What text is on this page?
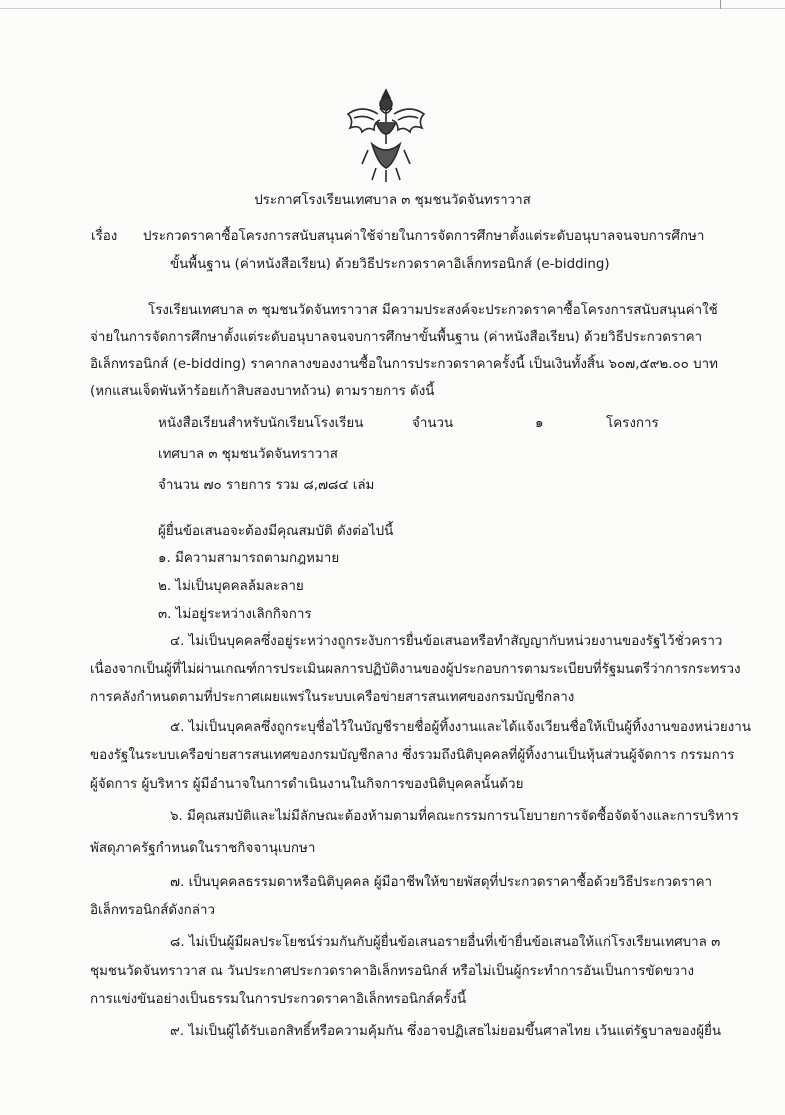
ประกาศโรงเรียนเทศบาล ๓ ชุมชนวัดจันทราวาส
เรื่อง ประกวดราคาซื้อโครงการสนับสนุนค่าใช้จ่ายในการจัดการศึกษาตั้งแต่ระดับอนุบาลจนจบการศึกษา
ขั้นพื้นฐาน (ค่าหนังสือเรียน) ด้วยวิธีประกวดราคาอิเล็กทรอนิกส์ (e-bidding)
โรงเรียนเทศบาล ๓ ชุมชนวัดจันทราวาส มีความประสงค์จะประกวดราคาซื้อโครงการสนับสนุนค่าใช้
จ่ายในการจัดการศึกษาตั้งแต่ระดับอนุบาลจนจบการศึกษาขั้นพื้นฐาน (ค่าหนังสือเรียน) ด้วยวิธีประกวดราคา
อิเล็กทรอนิกส์ (e-bidding) ราคากลางของงานซื้อในการประกวดราคาครั้งนี้ เป็นเงินทั้งสิ้น ๖๐๗,๕๙๒.๐๐ บาท
(หกแสนเจ็ดพันห้าร้อยเก้าสิบสองบาทถ้วน) ตามรายการ ดังนี้
หนังสือเรียนสำหรับนักเรียนโรงเรียน	จำนวน	๑	โครงการ
เทศบาล ๓ ชุมชนวัดจันทราวาส
จำนวน ๗๐ รายการ รวม ๘,๗๘๔ เล่ม
ผู้ยื่นข้อเสนอจะต้องมีคุณสมบัติ ดังต่อไปนี้
๑. มีความสามารถตามกฎหมาย
๒. ไม่เป็นบุคคลล้มละลาย
๓. ไม่อยู่ระหว่างเลิกกิจการ
๔. ไม่เป็นบุคคลซึ่งอยู่ระหว่างถูกระงับการยื่นข้อเสนอหรือทำสัญญากับหน่วยงานของรัฐไว้ชั่วคราว
เนื่องจากเป็นผู้ที่ไม่ผ่านเกณฑ์การประเมินผลการปฏิบัติงานของผู้ประกอบการตามระเบียบที่รัฐมนตรีว่าการกระทรวง
การคลังกำหนดตามที่ประกาศเผยแพร่ในระบบเครือข่ายสารสนเทศของกรมบัญชีกลาง
๕. ไม่เป็นบุคคลซึ่งถูกระบุชื่อไว้ในบัญชีรายชื่อผู้ทิ้งงานและได้แจ้งเวียนชื่อให้เป็นผู้ทิ้งงานของหน่วยงาน
ของรัฐในระบบเครือข่ายสารสนเทศของกรมบัญชีกลาง ซึ่งรวมถึงนิติบุคคลที่ผู้ทิ้งงานเป็นหุ้นส่วนผู้จัดการ กรรมการ
ผู้จัดการ ผู้บริหาร ผู้มีอำนาจในการดำเนินงานในกิจการของนิติบุคคลนั้นด้วย
๖. มีคุณสมบัติและไม่มีลักษณะต้องห้ามตามที่คณะกรรมการนโยบายการจัดซื้อจัดจ้างและการบริหาร
พัสดุภาครัฐกำหนดในราชกิจจานุเบกษา
๗. เป็นบุคคลธรรมดาหรือนิติบุคคล ผู้มีอาชีพให้ขายพัสดุที่ประกวดราคาซื้อด้วยวิธีประกวดราคา
อิเล็กทรอนิกส์ดังกล่าว
๘. ไม่เป็นผู้มีผลประโยชน์ร่วมกันกับผู้ยื่นข้อเสนอรายอื่นที่เข้ายื่นข้อเสนอให้แก่โรงเรียนเทศบาล ๓
ชุมชนวัดจันทราวาส ณ วันประกาศประกวดราคาอิเล็กทรอนิกส์ หรือไม่เป็นผู้กระทำการอันเป็นการขัดขวาง
การแข่งขันอย่างเป็นธรรมในการประกวดราคาอิเล็กทรอนิกส์ครั้งนี้
๙. ไม่เป็นผู้ได้รับเอกสิทธิ์หรือความคุ้มกัน ซึ่งอาจปฏิเสธไม่ยอมขึ้นศาลไทย เว้นแต่รัฐบาลของผู้ยื่น
